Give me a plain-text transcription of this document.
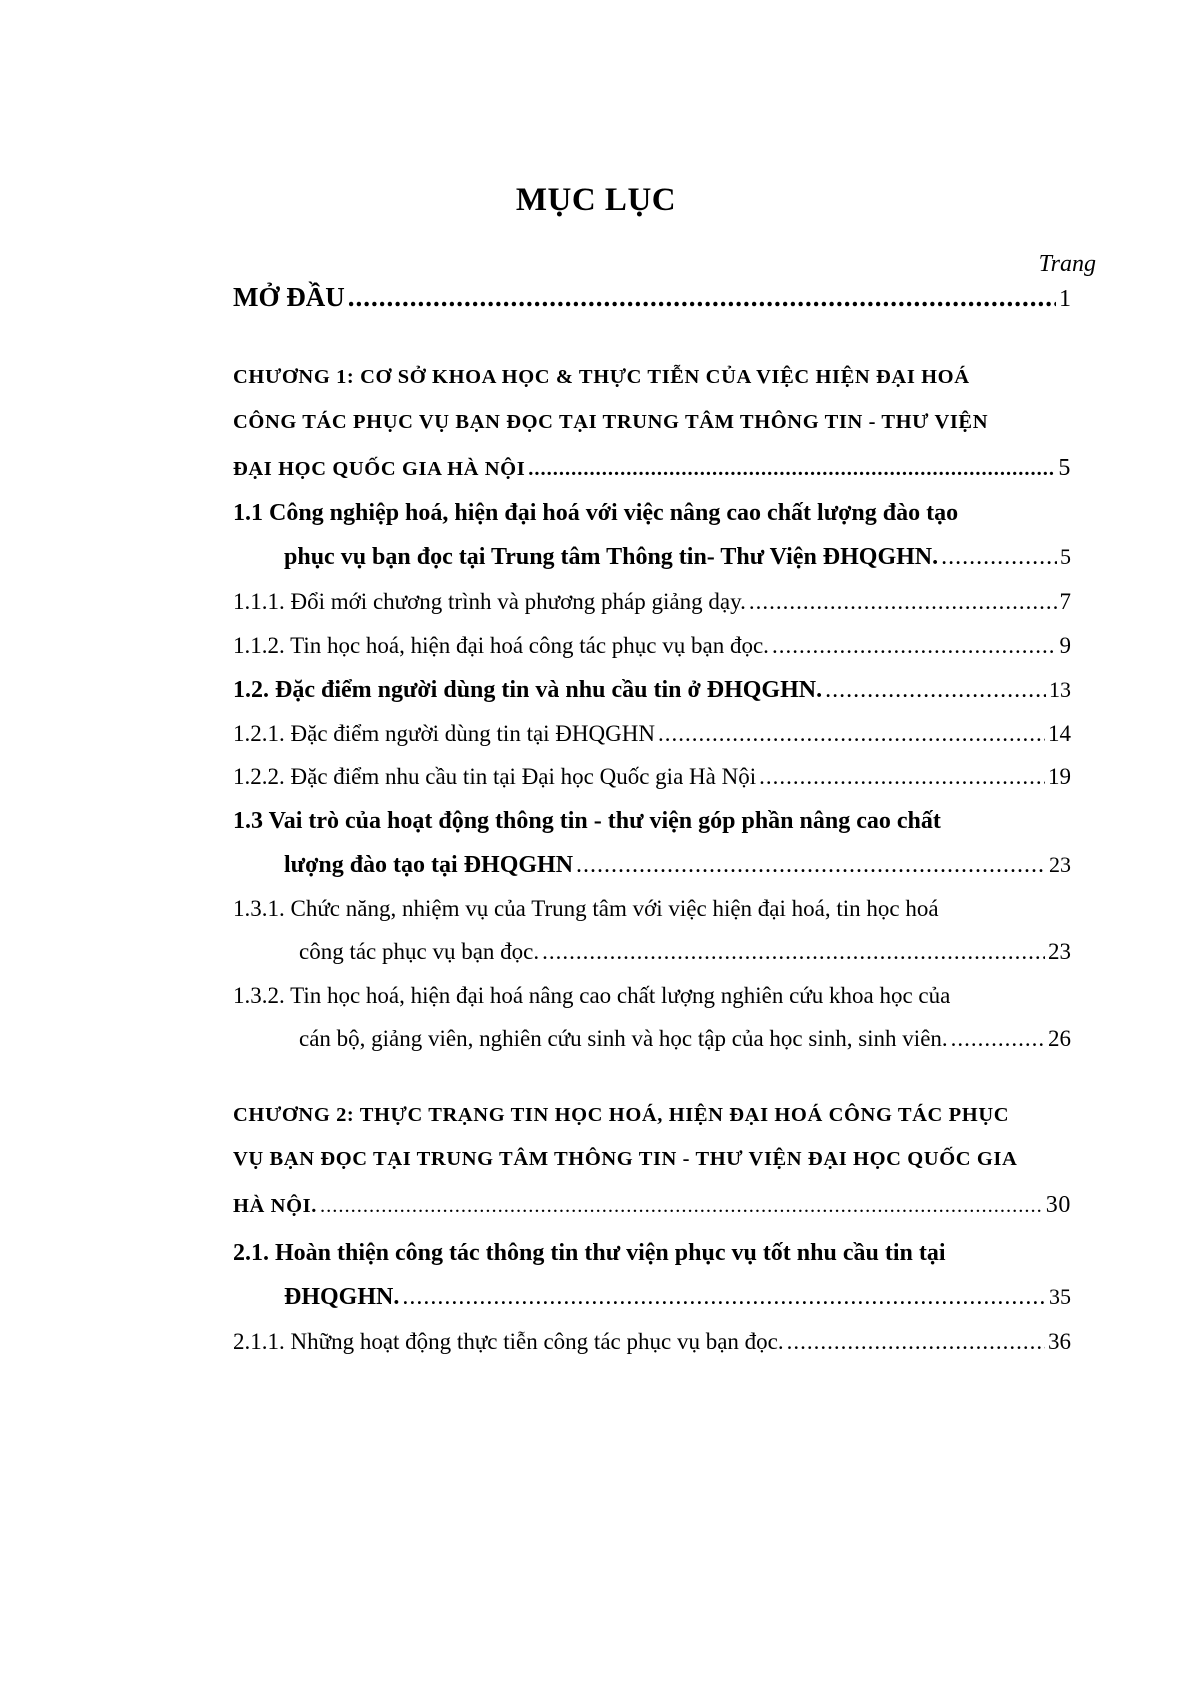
MỤC LỤC
Trang
MỞ ĐẦU .....	1
CHƯƠNG 1: CƠ SỞ KHOA HỌC & THỰC TIỄN CỦA VIỆC HIỆN ĐẠI HOÁ
CÔNG TÁC PHỤC VỤ BẠN ĐỌC TẠI TRUNG TÂM THÔNG TIN - THƯ VIỆN
ĐẠI HỌC QUỐC GIA HÀ NỘI .....	5
1.1 Công nghiệp hoá, hiện đại hoá với việc nâng cao chất lượng đào tạo
phục vụ bạn đọc tại Trung tâm Thông tin- Thư Viện ĐHQGHN. .....	5
1.1.1. Đổi mới chương trình và phương pháp giảng dạy. .....	7
1.1.2. Tin học hoá, hiện đại hoá công tác phục vụ bạn đọc. .....	9
1.2. Đặc điểm người dùng tin và nhu cầu tin ở ĐHQGHN. .....	13
1.2.1. Đặc điểm người dùng tin tại ĐHQGHN .....	14
1.2.2. Đặc điểm nhu cầu tin tại Đại học Quốc gia Hà Nội .....	19
1.3 Vai trò của hoạt động thông tin - thư viện góp phần nâng cao chất
lượng đào tạo tại ĐHQGHN .....	23
1.3.1. Chức năng, nhiệm vụ của Trung tâm với việc hiện đại hoá, tin học hoá
công tác phục vụ bạn đọc. .....	23
1.3.2. Tin học hoá, hiện đại hoá nâng cao chất lượng nghiên cứu khoa học của
cán bộ, giảng viên, nghiên cứu sinh và học tập của học sinh, sinh viên. .....	26
CHƯƠNG 2: THỰC TRẠNG TIN HỌC HOÁ, HIỆN ĐẠI HOÁ CÔNG TÁC PHỤC
VỤ BẠN ĐỌC TẠI TRUNG TÂM THÔNG TIN - THƯ VIỆN ĐẠI HỌC QUỐC GIA
HÀ NỘI. .....	30
2.1. Hoàn thiện công tác thông tin thư viện phục vụ tốt nhu cầu tin tại
ĐHQGHN. .....	35
2.1.1. Những hoạt động thực tiễn công tác phục vụ bạn đọc. .....	36
